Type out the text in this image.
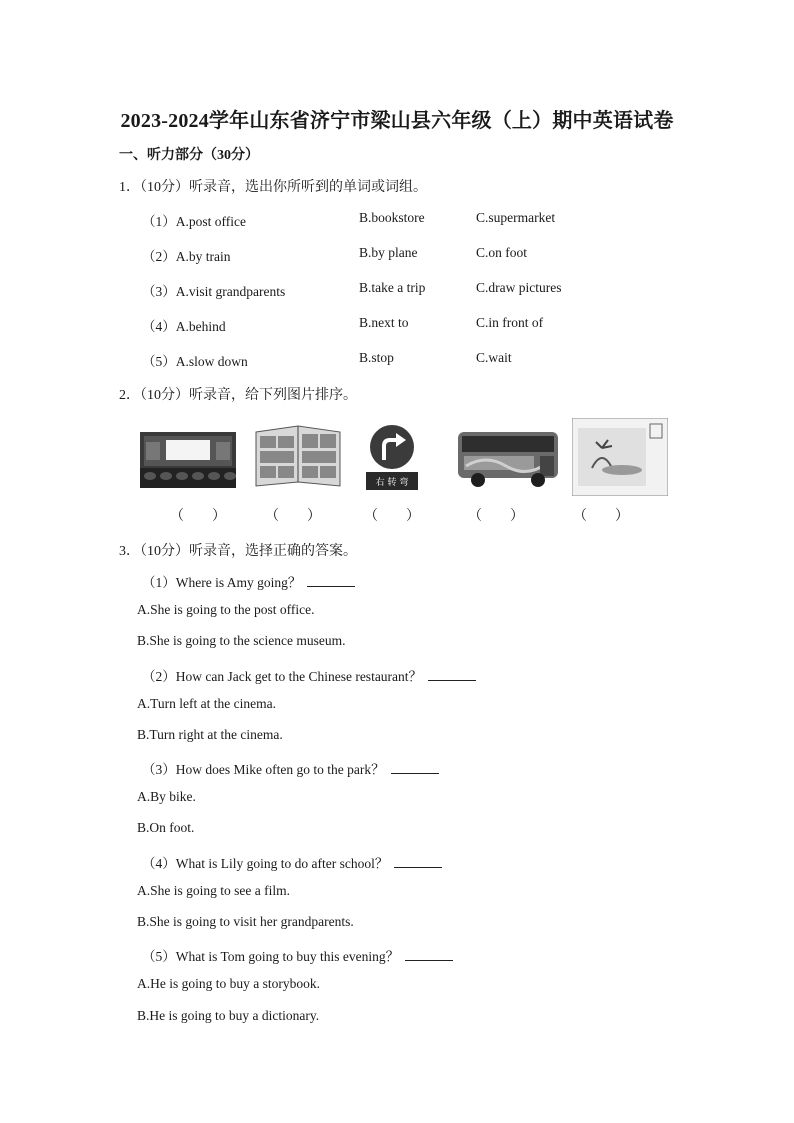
2023-2024学年山东省济宁市梁山县六年级（上）期中英语试卷
一、听力部分（30分）
1．（10分）听录音，选出你所听到的单词或词组。
（1）A.post office	B.bookstore	C.supermarket
（2）A.by train	B.by plane	C.on foot
（3）A.visit grandparents	B.take a trip	C.draw pictures
（4）A.behind	B.next to	C.in front of
（5）A.slow down	B.stop	C.wait
2．（10分）听录音，给下列图片排序。
右 转 弯
（　　）	（　　）	（　　）	（　　）	（　　）
3．（10分）听录音，选择正确的答案。
（1）Where is Amy going？
A.She is going to the post office.
B.She is going to the science museum.
（2）How can Jack get to the Chinese restaurant？
A.Turn left at the cinema.
B.Turn right at the cinema.
（3）How does Mike often go to the park？
A.By bike.
B.On foot.
（4）What is Lily going to do after school？
A.She is going to see a film.
B.She is going to visit her grandparents.
（5）What is Tom going to buy this evening？
A.He is going to buy a storybook.
B.He is going to buy a dictionary.
